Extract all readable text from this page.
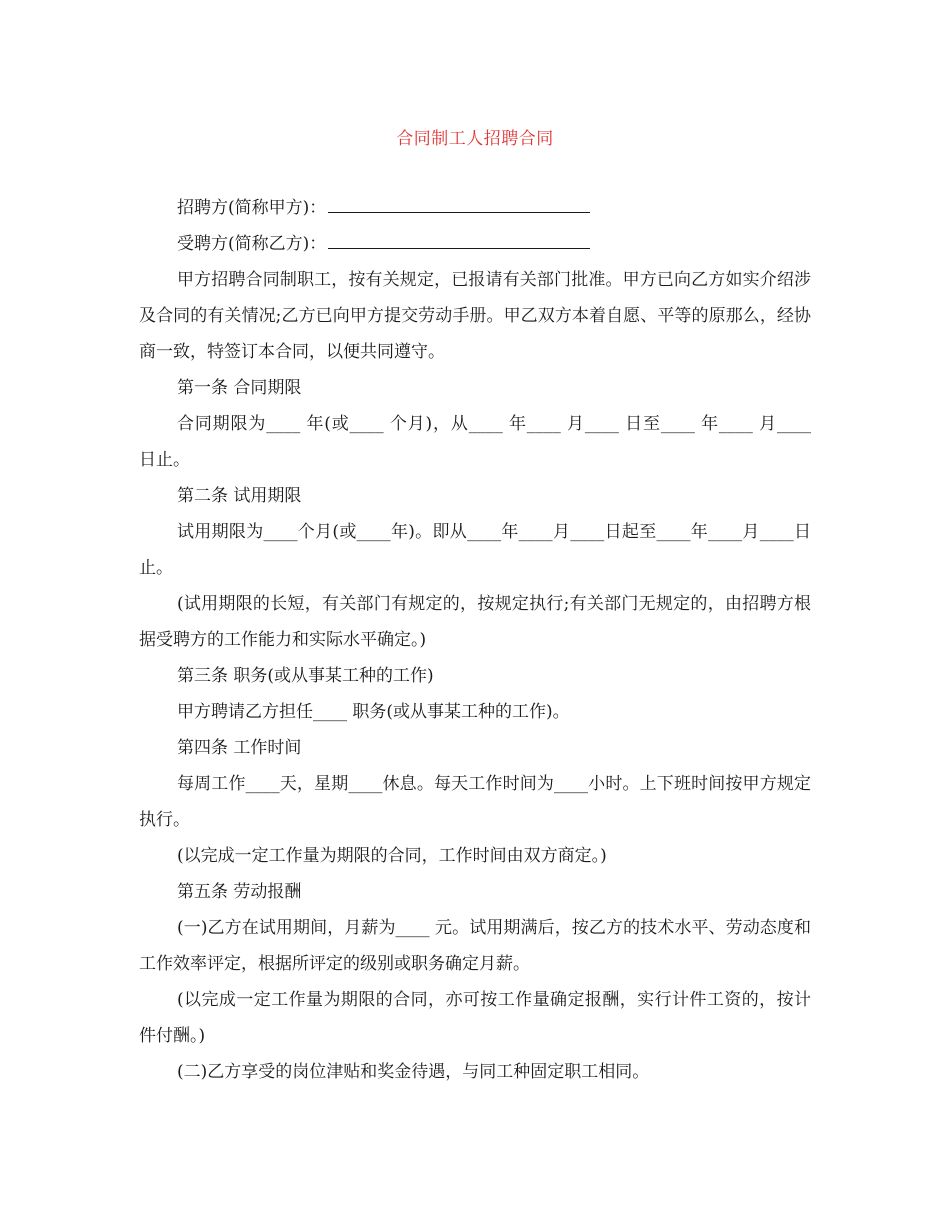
合同制工人招聘合同

招聘方(简称甲方)：

受聘方(简称乙方)：

甲方招聘合同制职工，按有关规定，已报请有关部门批准。甲方已向乙方如实介绍涉及合同的有关情况;乙方已向甲方提交劳动手册。甲乙双方本着自愿、平等的原那么，经协商一致，特签订本合同，以便共同遵守。

第一条 合同期限

合同期限为____ 年(或____ 个月)，从____ 年____ 月____ 日至____ 年____ 月____ 日止。

第二条 试用期限

试用期限为____个月(或____年)。即从____年____月____日起至____年____月____日止。

(试用期限的长短，有关部门有规定的，按规定执行;有关部门无规定的，由招聘方根据受聘方的工作能力和实际水平确定。)

第三条 职务(或从事某工种的工作)

甲方聘请乙方担任____ 职务(或从事某工种的工作)。

第四条 工作时间

每周工作____天，星期____休息。每天工作时间为____小时。上下班时间按甲方规定执行。

(以完成一定工作量为期限的合同，工作时间由双方商定。)

第五条 劳动报酬

(一)乙方在试用期间，月薪为____ 元。试用期满后，按乙方的技术水平、劳动态度和工作效率评定，根据所评定的级别或职务确定月薪。

(以完成一定工作量为期限的合同，亦可按工作量确定报酬，实行计件工资的，按计件付酬。)

(二)乙方享受的岗位津贴和奖金待遇，与同工种固定职工相同。
